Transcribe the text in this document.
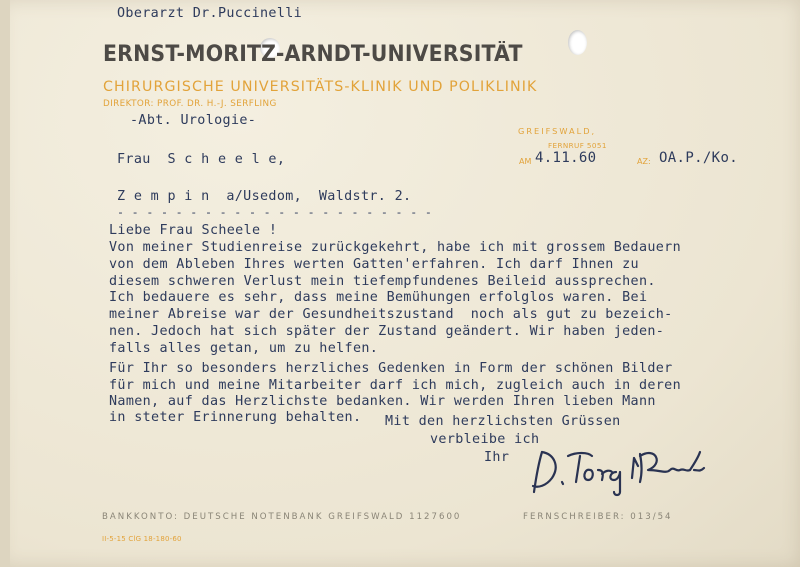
Oberarzt Dr.Puccinelli
ERNST-MORITZ-ARNDT-UNIVERSITÄT
CHIRURGISCHE UNIVERSITÄTS-KLINIK UND POLIKLINIK
DIREKTOR: PROF. DR. H.-J. SERFLING
-Abt. Urologie-
GREIFSWALD,
FERNRUF 5051
Frau  S c h e e l e,	AM 4.11.60	AZ: OA.P./Ko.
Z e m p i n  a/Usedom,  Waldstr. 2.
- - - - - - - - - - - - - - - - - - - - - -
Liebe Frau Scheele !
Von meiner Studienreise zurückgekehrt, habe ich mit grossem Bedauern
von dem Ableben Ihres werten Gatten'erfahren. Ich darf Ihnen zu
diesem schweren Verlust mein tiefempfundenes Beileid aussprechen.
Ich bedauere es sehr, dass meine Bemühungen erfolglos waren. Bei
meiner Abreise war der Gesundheitszustand  noch als gut zu bezeich-
nen. Jedoch hat sich später der Zustand geändert. Wir haben jeden-
falls alles getan, um zu helfen.
Für Ihr so besonders herzliches Gedenken in Form der schönen Bilder
für mich und meine Mitarbeiter darf ich mich, zugleich auch in deren
Namen, auf das Herzlichste bedanken. Wir werden Ihren lieben Mann
in steter Erinnerung behalten. Mit den herzlichsten Grüssen
verbleibe ich
Ihr
BANKKONTO: DEUTSCHE NOTENBANK GREIFSWALD 1127600	FERNSCHREIBER: 013/54
II-5-15 ClG 18-180-60
